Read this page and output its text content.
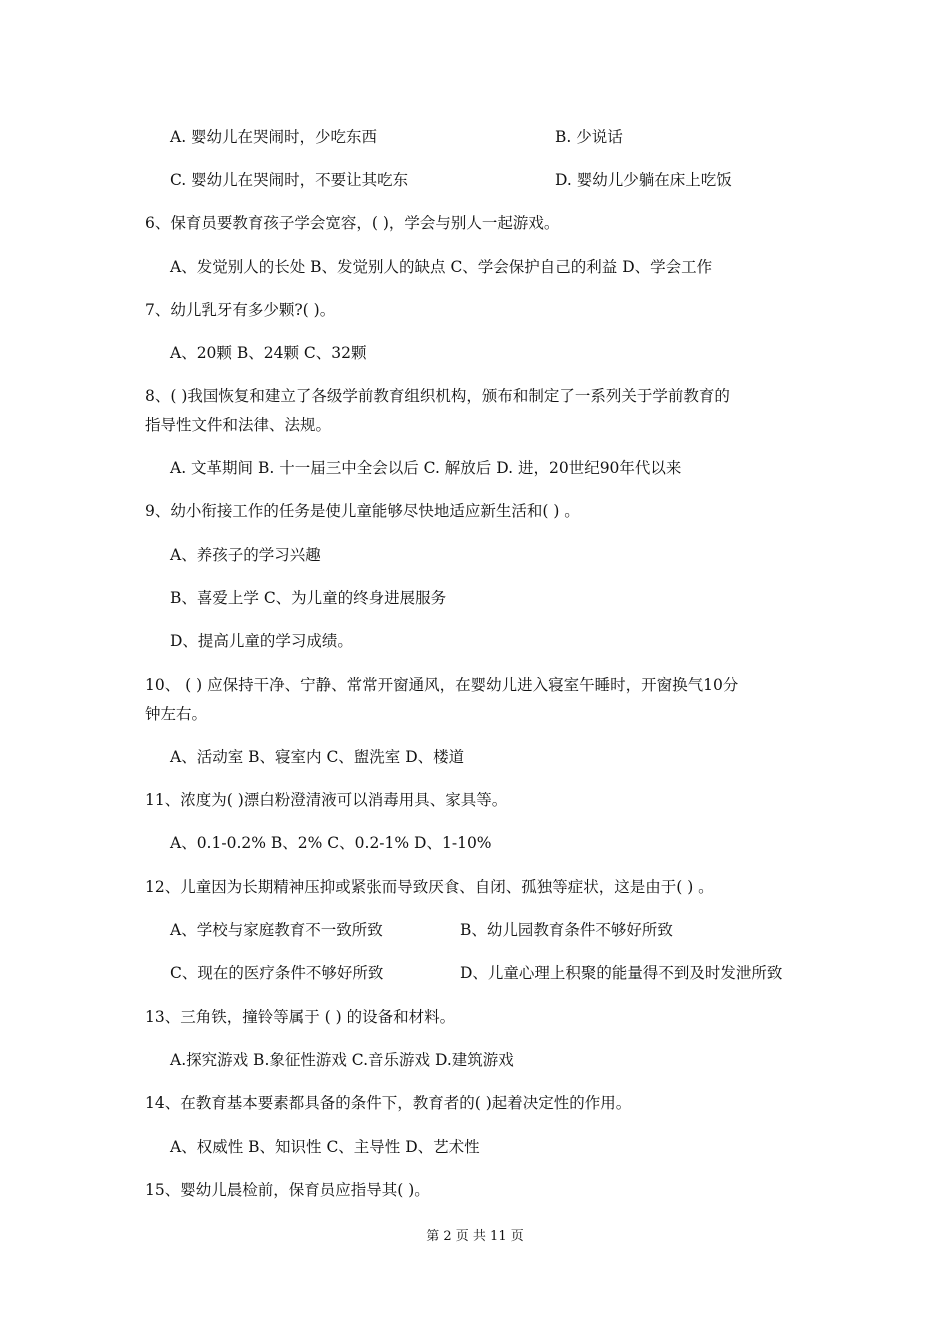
A. 婴幼儿在哭闹时，少吃东西	B. 少说话
C. 婴幼儿在哭闹时，不要让其吃东	D. 婴幼儿少躺在床上吃饭
6、保育员要教育孩子学会宽容，( )，学会与别人一起游戏。
A、发觉别人的长处 B、发觉别人的缺点 C、学会保护自己的利益 D、学会工作
7、幼儿乳牙有多少颗?( )。
A、20颗 B、24颗 C、32颗
8、( )我国恢复和建立了各级学前教育组织机构，颁布和制定了一系列关于学前教育的
指导性文件和法律、法规。
A. 文革期间 B. 十一届三中全会以后 C. 解放后 D. 进，20世纪90年代以来
9、幼小衔接工作的任务是使儿童能够尽快地适应新生活和( ) 。
A、养孩子的学习兴趣
B、喜爱上学 C、为儿童的终身进展服务
D、提高儿童的学习成绩。
10、 ( ) 应保持干净、宁静、常常开窗通风，在婴幼儿进入寝室午睡时，开窗换气10分
钟左右。
A、活动室 B、寝室内 C、盥洗室 D、楼道
11、浓度为( )漂白粉澄清液可以消毒用具、家具等。
A、0.1-0.2% B、2% C、0.2-1% D、1-10%
12、儿童因为长期精神压抑或紧张而导致厌食、自闭、孤独等症状，这是由于( ) 。
A、学校与家庭教育不一致所致	B、幼儿园教育条件不够好所致
C、现在的医疗条件不够好所致	D、儿童心理上积聚的能量得不到及时发泄所致
13、三角铁，撞铃等属于 ( ) 的设备和材料。
A.探究游戏 B.象征性游戏 C.音乐游戏 D.建筑游戏
14、在教育基本要素都具备的条件下，教育者的( )起着决定性的作用。
A、权威性 B、知识性 C、主导性 D、艺术性
15、婴幼儿晨检前，保育员应指导其( )。
第 2 页 共 11 页
